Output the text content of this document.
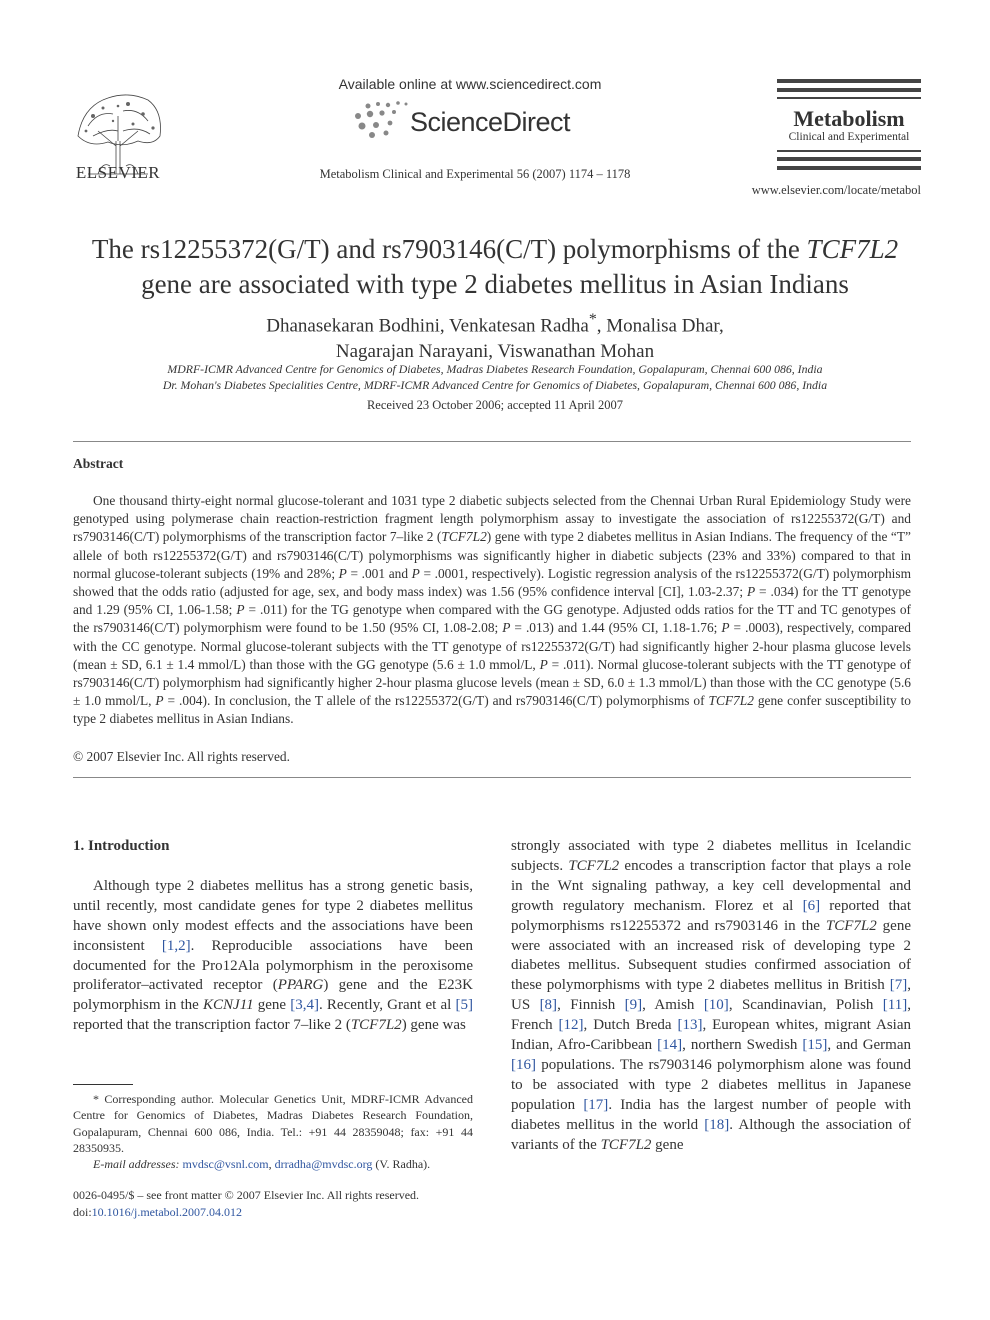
ELSEVIER
Available online at www.sciencedirect.com
ScienceDirect
Metabolism Clinical and Experimental 56 (2007) 1174 – 1178
Metabolism
Clinical and Experimental
www.elsevier.com/locate/metabol
The rs12255372(G/T) and rs7903146(C/T) polymorphisms of the TCF7L2
gene are associated with type 2 diabetes mellitus in Asian Indians
Dhanasekaran Bodhini, Venkatesan Radha*, Monalisa Dhar,
Nagarajan Narayani, Viswanathan Mohan
MDRF-ICMR Advanced Centre for Genomics of Diabetes, Madras Diabetes Research Foundation, Gopalapuram, Chennai 600 086, India
Dr. Mohan's Diabetes Specialities Centre, MDRF-ICMR Advanced Centre for Genomics of Diabetes, Gopalapuram, Chennai 600 086, India
Received 23 October 2006; accepted 11 April 2007
Abstract

One thousand thirty-eight normal glucose-tolerant and 1031 type 2 diabetic subjects selected from the Chennai Urban Rural Epidemiology Study were genotyped using polymerase chain reaction-restriction fragment length polymorphism assay to investigate the association of rs12255372(G/T) and rs7903146(C/T) polymorphisms of the transcription factor 7–like 2 (TCF7L2) gene with type 2 diabetes mellitus in Asian Indians. The frequency of the “T” allele of both rs12255372(G/T) and rs7903146(C/T) polymorphisms was significantly higher in diabetic subjects (23% and 33%) compared to that in normal glucose-tolerant subjects (19% and 28%; P = .001 and P = .0001, respectively). Logistic regression analysis of the rs12255372(G/T) polymorphism showed that the odds ratio (adjusted for age, sex, and body mass index) was 1.56 (95% confidence interval [CI], 1.03-2.37; P = .034) for the TT genotype and 1.29 (95% CI, 1.06-1.58; P = .011) for the TG genotype when compared with the GG genotype. Adjusted odds ratios for the TT and TC genotypes of the rs7903146(C/T) polymorphism were found to be 1.50 (95% CI, 1.08-2.08; P = .013) and 1.44 (95% CI, 1.18-1.76; P = .0003), respectively, compared with the CC genotype. Normal glucose-tolerant subjects with the TT genotype of rs12255372(G/T) had significantly higher 2-hour plasma glucose levels (mean ± SD, 6.1 ± 1.4 mmol/L) than those with the GG genotype (5.6 ± 1.0 mmol/L, P = .011). Normal glucose-tolerant subjects with the TT genotype of rs7903146(C/T) polymorphism had significantly higher 2-hour plasma glucose levels (mean ± SD, 6.0 ± 1.3 mmol/L) than those with the CC genotype (5.6 ± 1.0 mmol/L, P = .004). In conclusion, the T allele of the rs12255372(G/T) and rs7903146(C/T) polymorphisms of TCF7L2 gene confer susceptibility to type 2 diabetes mellitus in Asian Indians.

© 2007 Elsevier Inc. All rights reserved.

1. Introduction

Although type 2 diabetes mellitus has a strong genetic basis, until recently, most candidate genes for type 2 diabetes mellitus have shown only modest effects and the associations have been inconsistent [1,2]. Reproducible associations have been documented for the Pro12Ala polymorphism in the peroxisome proliferator–activated receptor (PPARG) gene and the E23K polymorphism in the KCNJ11 gene [3,4]. Recently, Grant et al [5] reported that the transcription factor 7–like 2 (TCF7L2) gene was

* Corresponding author. Molecular Genetics Unit, MDRF-ICMR Advanced Centre for Genomics of Diabetes, Madras Diabetes Research Foundation, Gopalapuram, Chennai 600 086, India. Tel.: +91 44 28359048; fax: +91 44 28350935.
E-mail addresses: mvdsc@vsnl.com, drradha@mvdsc.org (V. Radha).
0026-0495/$ – see front matter © 2007 Elsevier Inc. All rights reserved.
doi:10.1016/j.metabol.2007.04.012

strongly associated with type 2 diabetes mellitus in Icelandic subjects. TCF7L2 encodes a transcription factor that plays a role in the Wnt signaling pathway, a key cell developmental and growth regulatory mechanism. Florez et al [6] reported that polymorphisms rs12255372 and rs7903146 in the TCF7L2 gene were associated with an increased risk of developing type 2 diabetes mellitus. Subsequent studies confirmed association of these polymorphisms with type 2 diabetes mellitus in British [7], US [8], Finnish [9], Amish [10], Scandinavian, Polish [11], French [12], Dutch Breda [13], European whites, migrant Asian Indian, Afro-Caribbean [14], northern Swedish [15], and German [16] populations. The rs7903146 polymorphism alone was found to be associated with type 2 diabetes mellitus in Japanese population [17]. India has the largest number of people with diabetes mellitus in the world [18]. Although the association of variants of the TCF7L2 gene
